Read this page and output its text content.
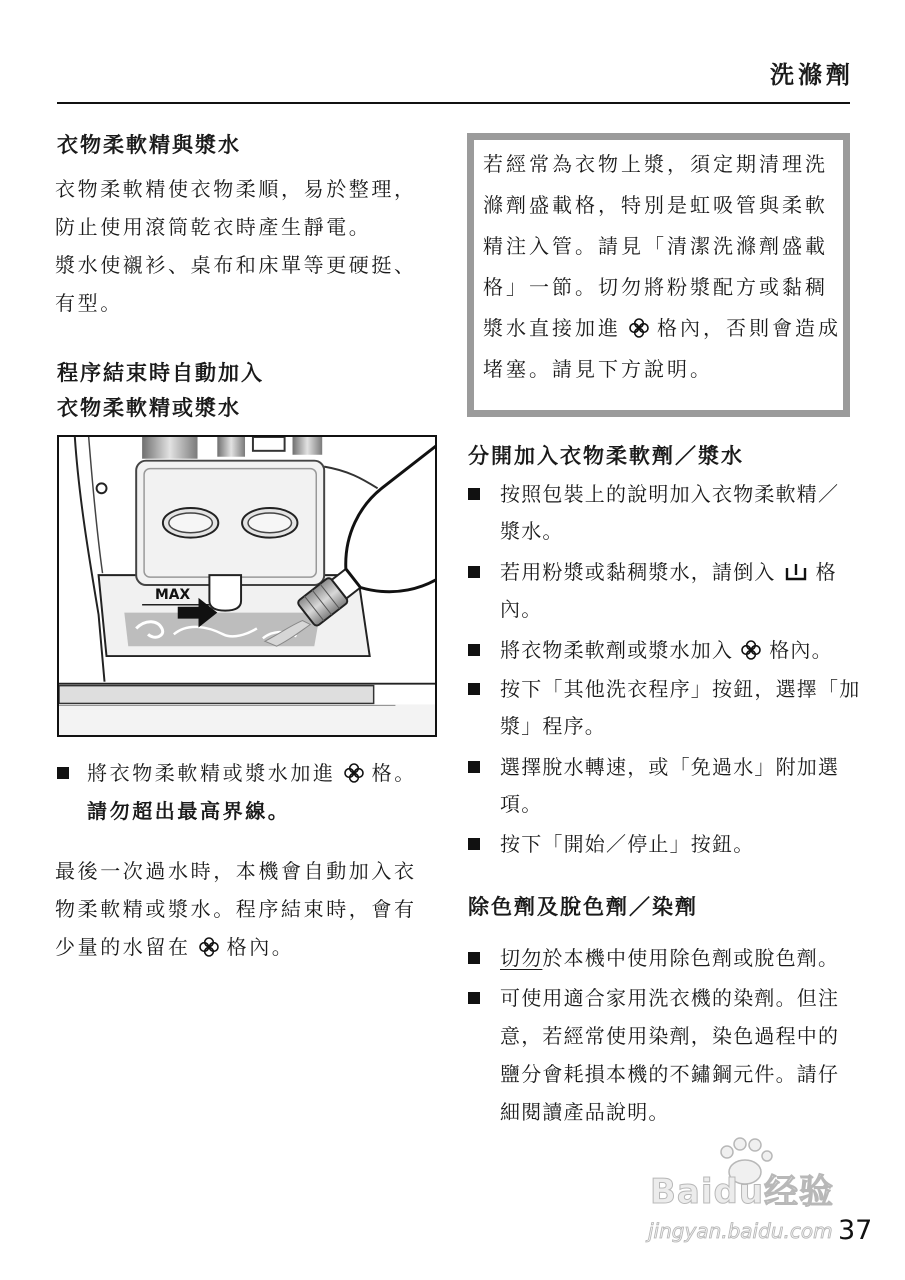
洗滌劑
衣物柔軟精與漿水
衣物柔軟精使衣物柔順，易於整理，
防止使用滾筒乾衣時產生靜電。
漿水使襯衫、桌布和床單等更硬挺、
有型。
程序結束時自動加入
衣物柔軟精或漿水
MAX
將衣物柔軟精或漿水加進 格。
請勿超出最高界線。
最後一次過水時，本機會自動加入衣
物柔軟精或漿水。程序結束時，會有
少量的水留在 格內。
若經常為衣物上漿，須定期清理洗
滌劑盛載格，特別是虹吸管與柔軟
精注入管。請見「清潔洗滌劑盛載
格」一節。切勿將粉漿配方或黏稠
漿水直接加進 格內，否則會造成
堵塞。請見下方說明。
分開加入衣物柔軟劑／漿水
按照包裝上的說明加入衣物柔軟精／
漿水。
若用粉漿或黏稠漿水，請倒入 格
內。
將衣物柔軟劑或漿水加入 格內。
按下「其他洗衣程序」按鈕，選擇「加
漿」程序。
選擇脫水轉速，或「免過水」附加選
項。
按下「開始／停止」按鈕。
除色劑及脫色劑／染劑
切勿於本機中使用除色劑或脫色劑。
可使用適合家用洗衣機的染劑。但注
意，若經常使用染劑，染色過程中的
鹽分會耗損本機的不鏽鋼元件。請仔
細閱讀產品說明。
Baidu经验
jingyan.baidu.com 37
